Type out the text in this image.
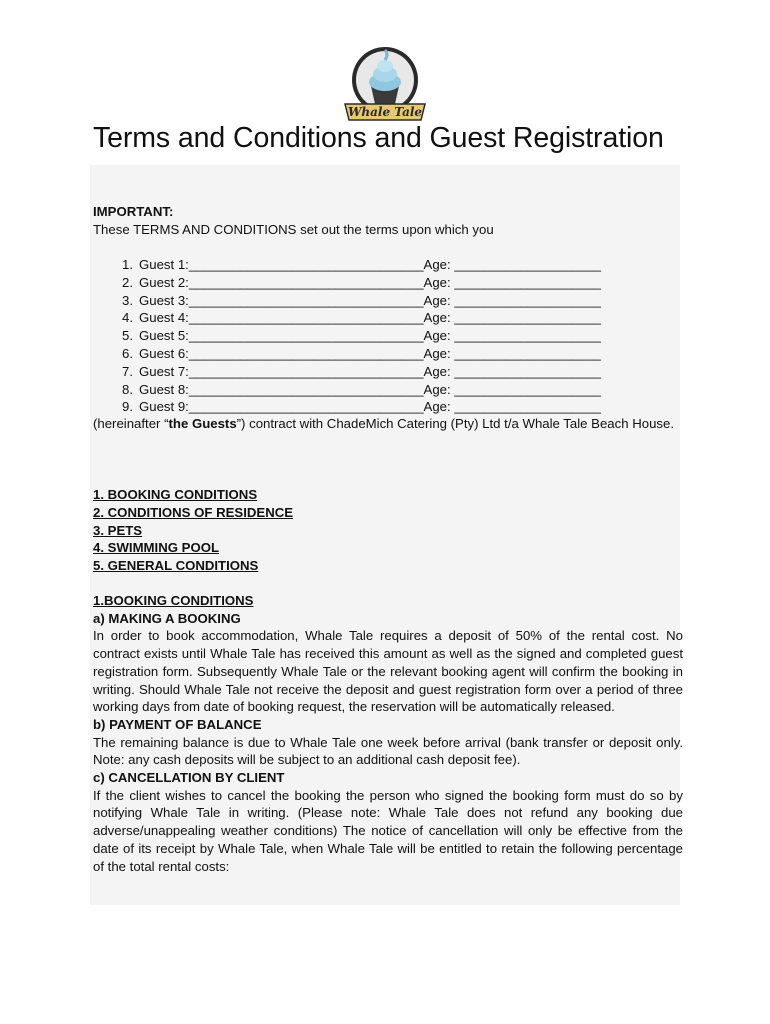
Whale Tale
Terms and Conditions and Guest Registration
IMPORTANT:
These TERMS AND CONDITIONS set out the terms upon which you
1. Guest 1:________________________________Age: ____________________
2. Guest 2:________________________________Age: ____________________
3. Guest 3:________________________________Age: ____________________
4. Guest 4:________________________________Age: ____________________
5. Guest 5:________________________________Age: ____________________
6. Guest 6:________________________________Age: ____________________
7. Guest 7:________________________________Age: ____________________
8. Guest 8:________________________________Age: ____________________
9. Guest 9:________________________________Age: ____________________
(hereinafter “the Guests”) contract with ChadeMich Catering (Pty) Ltd t/a Whale Tale Beach House.
1. BOOKING CONDITIONS
2. CONDITIONS OF RESIDENCE
3. PETS
4. SWIMMING POOL
5. GENERAL CONDITIONS

1.BOOKING CONDITIONS

a) MAKING A BOOKING

In order to book accommodation, Whale Tale requires a deposit of 50% of the rental cost. No contract exists until Whale Tale has received this amount as well as the signed and completed guest registration form. Subsequently Whale Tale or the relevant booking agent will confirm the booking in writing. Should Whale Tale not receive the deposit and guest registration form over a period of three working days from date of booking request, the reservation will be automatically released.

b) PAYMENT OF BALANCE

The remaining balance is due to Whale Tale one week before arrival (bank transfer or deposit only. Note: any cash deposits will be subject to an additional cash deposit fee).

c) CANCELLATION BY CLIENT

If the client wishes to cancel the booking the person who signed the booking form must do so by notifying Whale Tale in writing. (Please note: Whale Tale does not refund any booking due adverse/unappealing weather conditions) The notice of cancellation will only be effective from the date of its receipt by Whale Tale, when Whale Tale will be entitled to retain the following percentage of the total rental costs:
